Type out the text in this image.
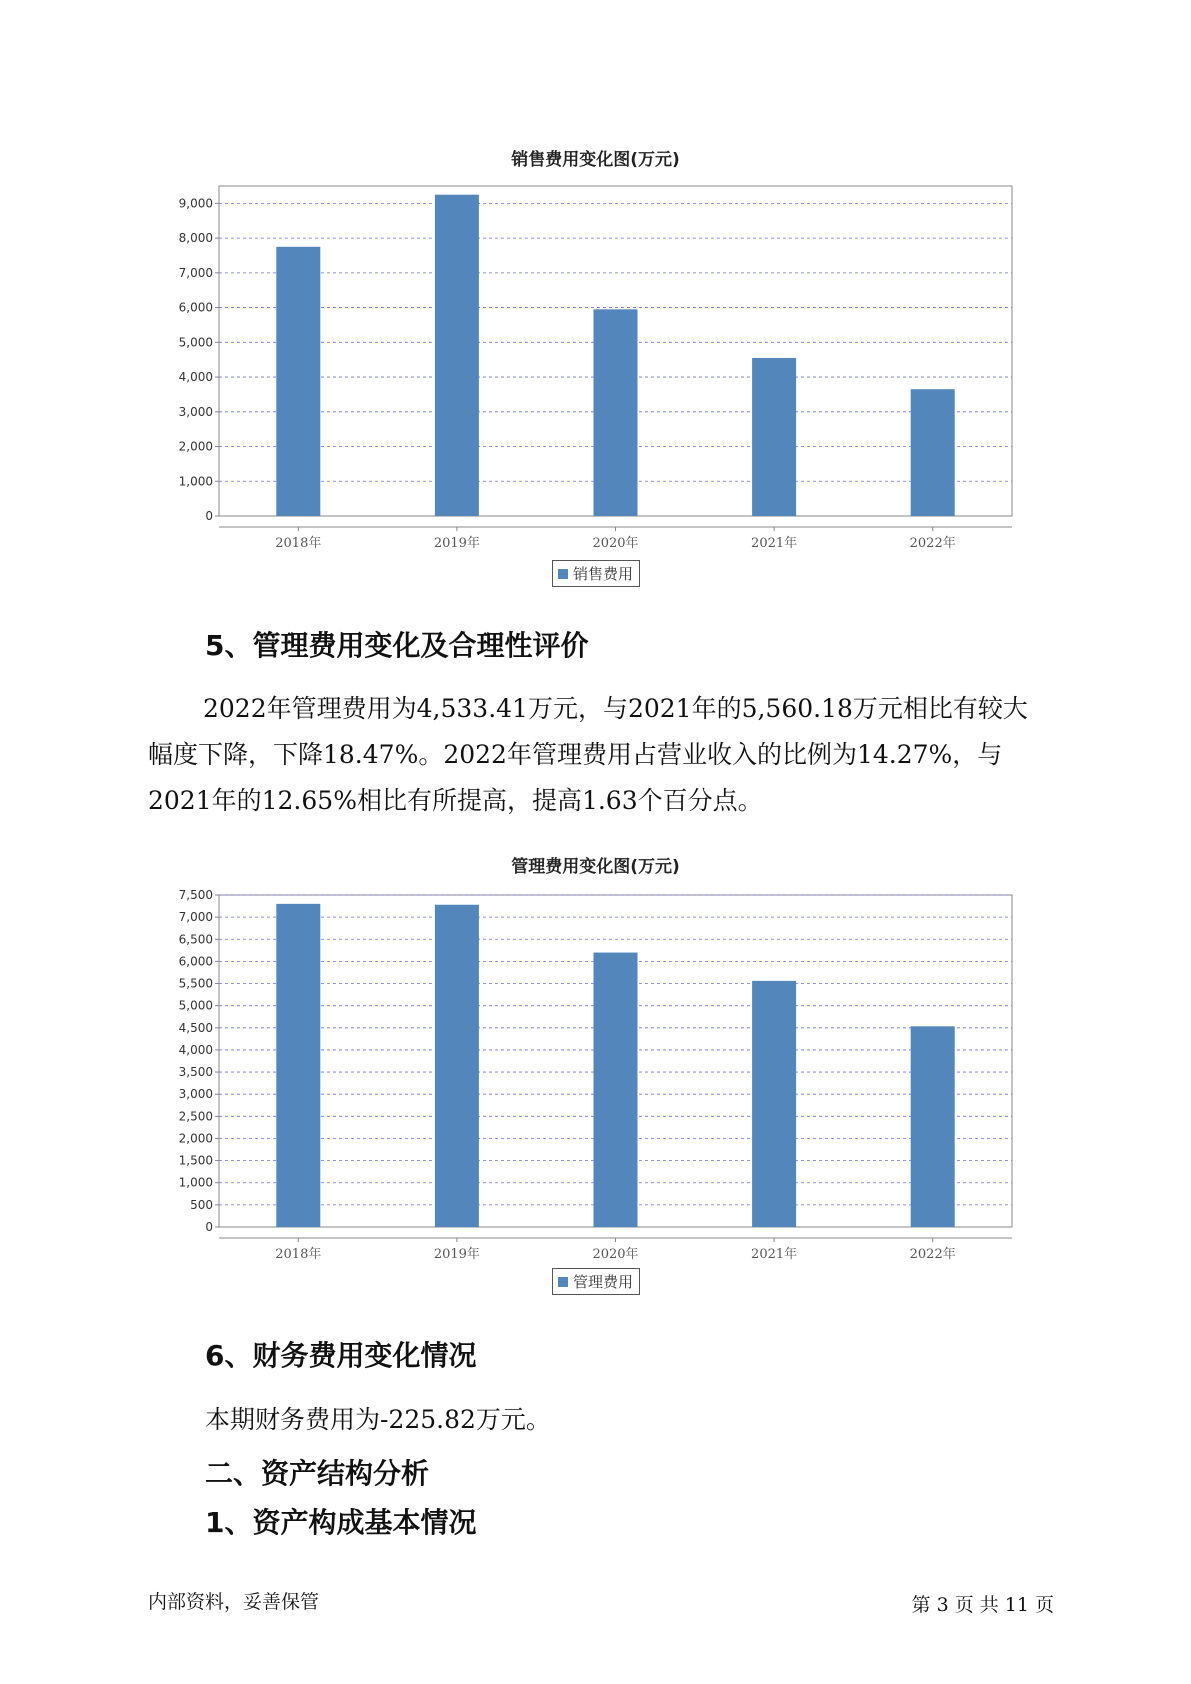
销售费用变化图(万元)
0
1,000
2,000
3,000
4,000
5,000
6,000
7,000
8,000
9,000
2018年	2019年	2020年	2021年	2022年
销售费用
5、管理费用变化及合理性评价

2022年管理费用为4,533.41万元，与2021年的5,560.18万元相比有较大幅度下降，下降18.47%。2022年管理费用占营业收入的比例为14.27%，与2021年的12.65%相比有所提高，提高1.63个百分点。

管理费用变化图(万元)
0
500
1,000
1,500
2,000
2,500
3,000
3,500
4,000
4,500
5,000
5,500
6,000
6,500
7,000
7,500
2018年	2019年	2020年	2021年	2022年
管理费用
6、财务费用变化情况
本期财务费用为-225.82万元。
二、资产结构分析
1、资产构成基本情况
内部资料，妥善保管	第 3 页 共 11 页
